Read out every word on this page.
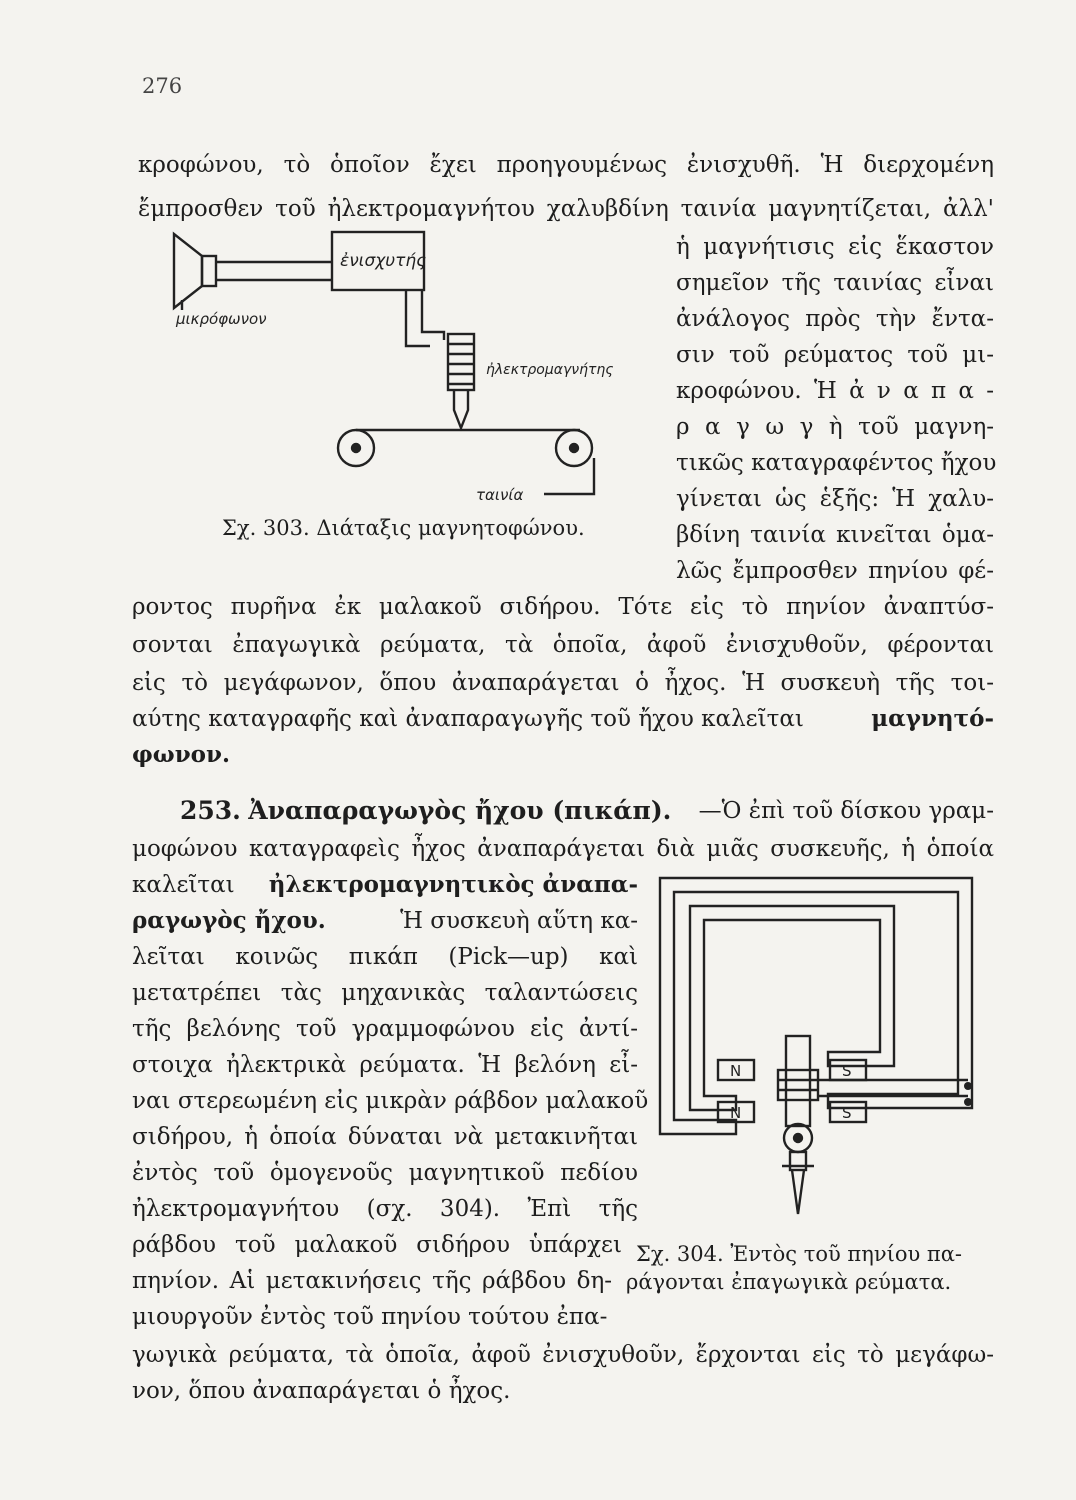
276
κροφώνου, τὸ ὁποῖον ἔχει προηγουμένως ἐνισχυθῆ. Ἡ διερχομένη
ἔμπροσθεν τοῦ ἠλεκτρομαγνήτου χαλυβδίνη ταινία μαγνητίζεται, ἀλλ'
ἡ μαγνήτισις εἰς ἕκαστον
σημεῖον τῆς ταινίας εἶναι
ἀνάλογος πρὸς τὴν ἔντα-
σιν τοῦ ρεύματος τοῦ μι-
κροφώνου. Ἡ ἀ ν α π α -
ρ α γ ω γ ὴ τοῦ μαγνη-
τικῶς καταγραφέντος ἤχου
γίνεται ὡς ἑξῆς: Ἡ χαλυ-
βδίνη ταινία κινεῖται ὁμα-
λῶς ἔμπροσθεν πηνίου φέ-
ἐνισχυτής
μικρόφωνον
ἠλεκτρομαγνήτης
ταινία
Σχ. 303. Διάταξις μαγνητοφώνου.
ροντος πυρῆνα ἐκ μαλακοῦ σιδήρου. Τότε εἰς τὸ πηνίον ἀναπτύσ-
σονται ἐπαγωγικὰ ρεύματα, τὰ ὁποῖα, ἀφοῦ ἐνισχυθοῦν, φέρονται
εἰς τὸ μεγάφωνον, ὅπου ἀναπαράγεται ὁ ἦχος. Ἡ συσκευὴ τῆς τοι-
αύτης καταγραφῆς καὶ ἀναπαραγωγῆς τοῦ ἤχου καλεῖται	μαγνητό-
φωνον.
253. Ἀναπαραγωγὸς ἤχου (πικάπ). —Ὁ ἐπὶ τοῦ δίσκου γραμ-
μοφώνου καταγραφεὶς ἦχος ἀναπαράγεται διὰ μιᾶς συσκευῆς, ἡ ὁποία
καλεῖται ἠλεκτρομαγνητικὸς ἀναπα-
ραγωγὸς ἤχου.	Ἡ συσκευὴ αὕτη κα-
λεῖται κοινῶς πικάπ (Pick—up) καὶ
μετατρέπει τὰς μηχανικὰς ταλαντώσεις
τῆς βελόνης τοῦ γραμμοφώνου εἰς ἀντί-
στοιχα ἠλεκτρικὰ ρεύματα. Ἡ βελόνη εἶ-
ναι στερεωμένη εἰς μικρὰν ράβδον μαλακοῦ
σιδήρου, ἡ ὁποία δύναται νὰ μετακινῆται
ἐντὸς τοῦ ὁμογενοῦς μαγνητικοῦ πεδίου
ἠλεκτρομαγνήτου (σχ. 304). Ἐπὶ τῆς
ράβδου τοῦ μαλακοῦ σιδήρου ὑπάρχει
πηνίον. Αἱ μετακινήσεις τῆς ράβδου δη-
μιουργοῦν ἐντὸς τοῦ πηνίου τούτου ἐπα-
γωγικὰ ρεύματα, τὰ ὁποῖα, ἀφοῦ ἐνισχυθοῦν, ἔρχονται εἰς τὸ μεγάφω-
νον, ὅπου ἀναπαράγεται ὁ ἦχος.
N
N
S
S
Σχ. 304. Ἐντὸς τοῦ πηνίου πα-
ράγονται ἐπαγωγικὰ ρεύματα.
